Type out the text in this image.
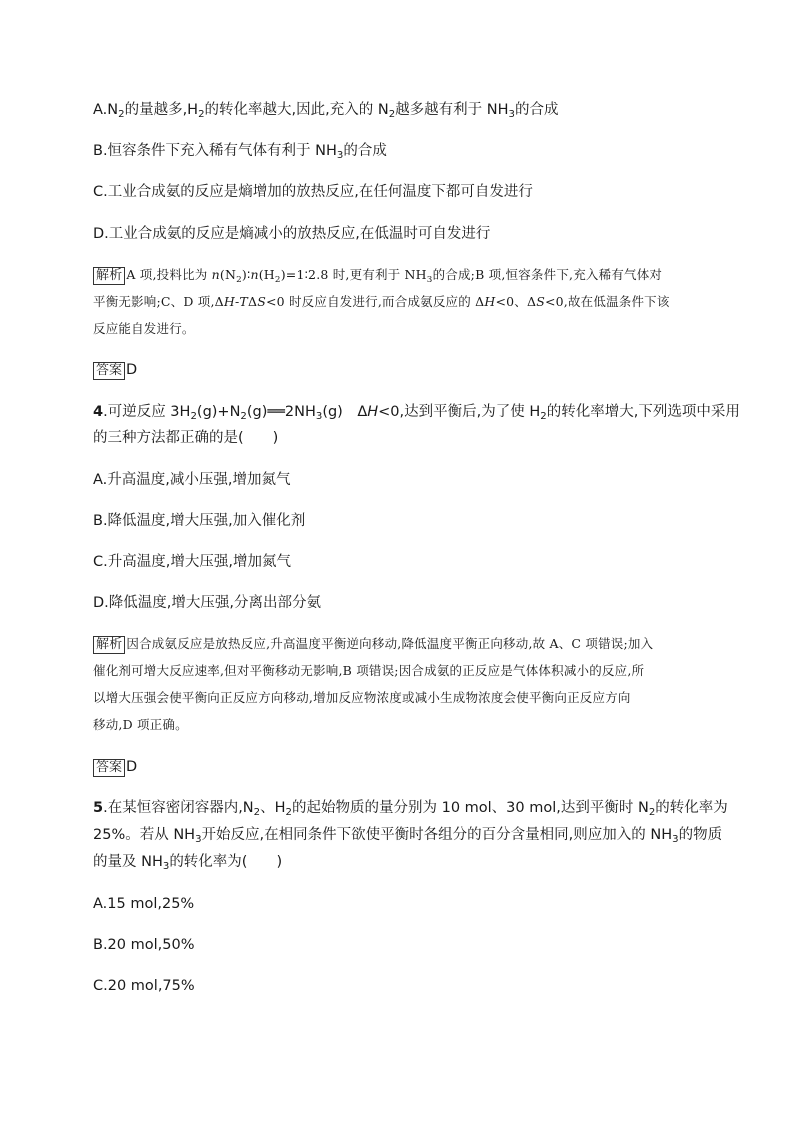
$A.N_2$的量越多$,H_2$的转化率越大,因此,充入的 $N_2$越多越有利于 $NH_3$的合成
B.恒容条件下充入稀有气体有利于 $NH_3$的合成
C.工业合成氨的反应是熵增加的放热反应,在任何温度下都可自发进行
D.工业合成氨的反应是熵减小的放热反应,在低温时可自发进行
解析 A 项,投料比为 $n(N_2)∶n(H_2)=1∶2.8$ 时,更有利于 $NH_3$的合成;B 项,恒容条件下,充入稀有气体对
平衡无影响;C、D 项,ΔH-TΔS<0 时反应自发进行,而合成氨反应的 ΔH<0、ΔS<0,故在低温条件下该
反应能自发进行。
答案 D
4.可逆反应 $3H_2(g)+N_2(g)══2NH_3(g)$　ΔH<0,达到平衡后,为了使 $H_2$的转化率增大,下列选项中采用
的三种方法都正确的是(　　)
A.升高温度,减小压强,增加氮气
B.降低温度,增大压强,加入催化剂
C.升高温度,增大压强,增加氮气
D.降低温度,增大压强,分离出部分氨
解析 因合成氨反应是放热反应,升高温度平衡逆向移动,降低温度平衡正向移动,故 A、C 项错误;加入
催化剂可增大反应速率,但对平衡移动无影响,B 项错误;因合成氨的正反应是气体体积减小的反应,所
以增大压强会使平衡向正反应方向移动,增加反应物浓度或减小生成物浓度会使平衡向正反应方向
移动,D 项正确。
答案 D
5.在某恒容密闭容器内$,N_2$、$H_2$的起始物质的量分别为 10 mol、30 mol,达到平衡时 $N_2$的转化率为
25%。若从 $NH_3$开始反应,在相同条件下欲使平衡时各组分的百分含量相同,则应加入的 $NH_3$的物质
的量及 $NH_3$的转化率为(　　)
A.15 mol,25%
B.20 mol,50%
C.20 mol,75%
